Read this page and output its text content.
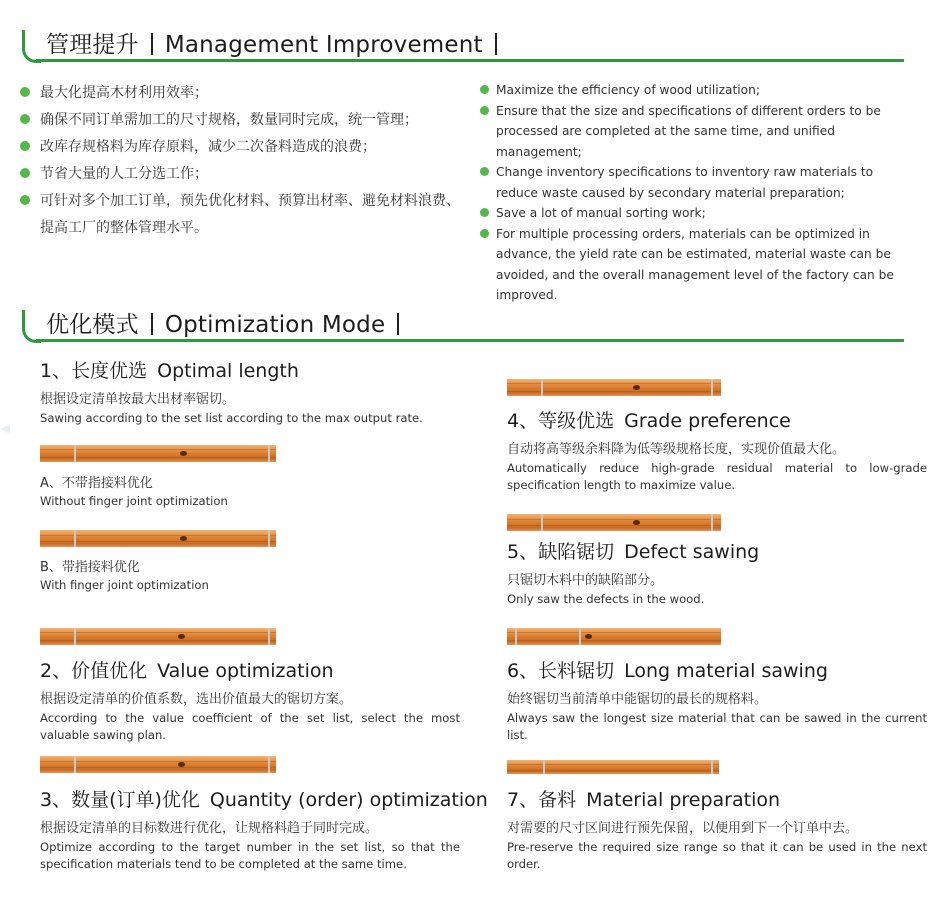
管理提升 Management Improvement
最大化提高木材利用效率；
确保不同订单需加工的尺寸规格，数量同时完成，统一管理；
改库存规格料为库存原料，减少二次备料造成的浪费；
节省大量的人工分选工作；
可针对多个加工订单，预先优化材料、预算出材率、避免材料浪费、提高工厂的整体管理水平。
Maximize the efficiency of wood utilization;
Ensure that the size and specifications of different orders to be processed are completed at the same time, and unified management;
Change inventory specifications to inventory raw materials to reduce waste caused by secondary material preparation;
Save a lot of manual sorting work;
For multiple processing orders, materials can be optimized in advance, the yield rate can be estimated, material waste can be avoided, and the overall management level of the factory can be improved.
优化模式 Optimization Mode
1、长度优选 Optimal length
根据设定清单按最大出材率锯切。
Sawing according to the set list according to the max output rate.
A、不带指接料优化
Without finger joint optimization
B、带指接料优化
With finger joint optimization
2、价值优化 Value optimization
根据设定清单的价值系数，选出价值最大的锯切方案。
According to the value coefficient of the set list, select the most valuable sawing plan.
3、数量(订单)优化 Quantity (order) optimization
根据设定清单的目标数进行优化，让规格料趋于同时完成。
Optimize according to the target number in the set list, so that the specification materials tend to be completed at the same time.
4、等级优选 Grade preference
自动将高等级余料降为低等级规格长度，实现价值最大化。
Automatically reduce high-grade residual material to low-grade specification length to maximize value.
5、缺陷锯切 Defect sawing
只锯切木料中的缺陷部分。
Only saw the defects in the wood.
6、长料锯切 Long material sawing
始终锯切当前清单中能锯切的最长的规格料。
Always saw the longest size material that can be sawed in the current list.
7、备料 Material preparation
对需要的尺寸区间进行预先保留，以便用到下一个订单中去。
Pre-reserve the required size range so that it can be used in the next order.
